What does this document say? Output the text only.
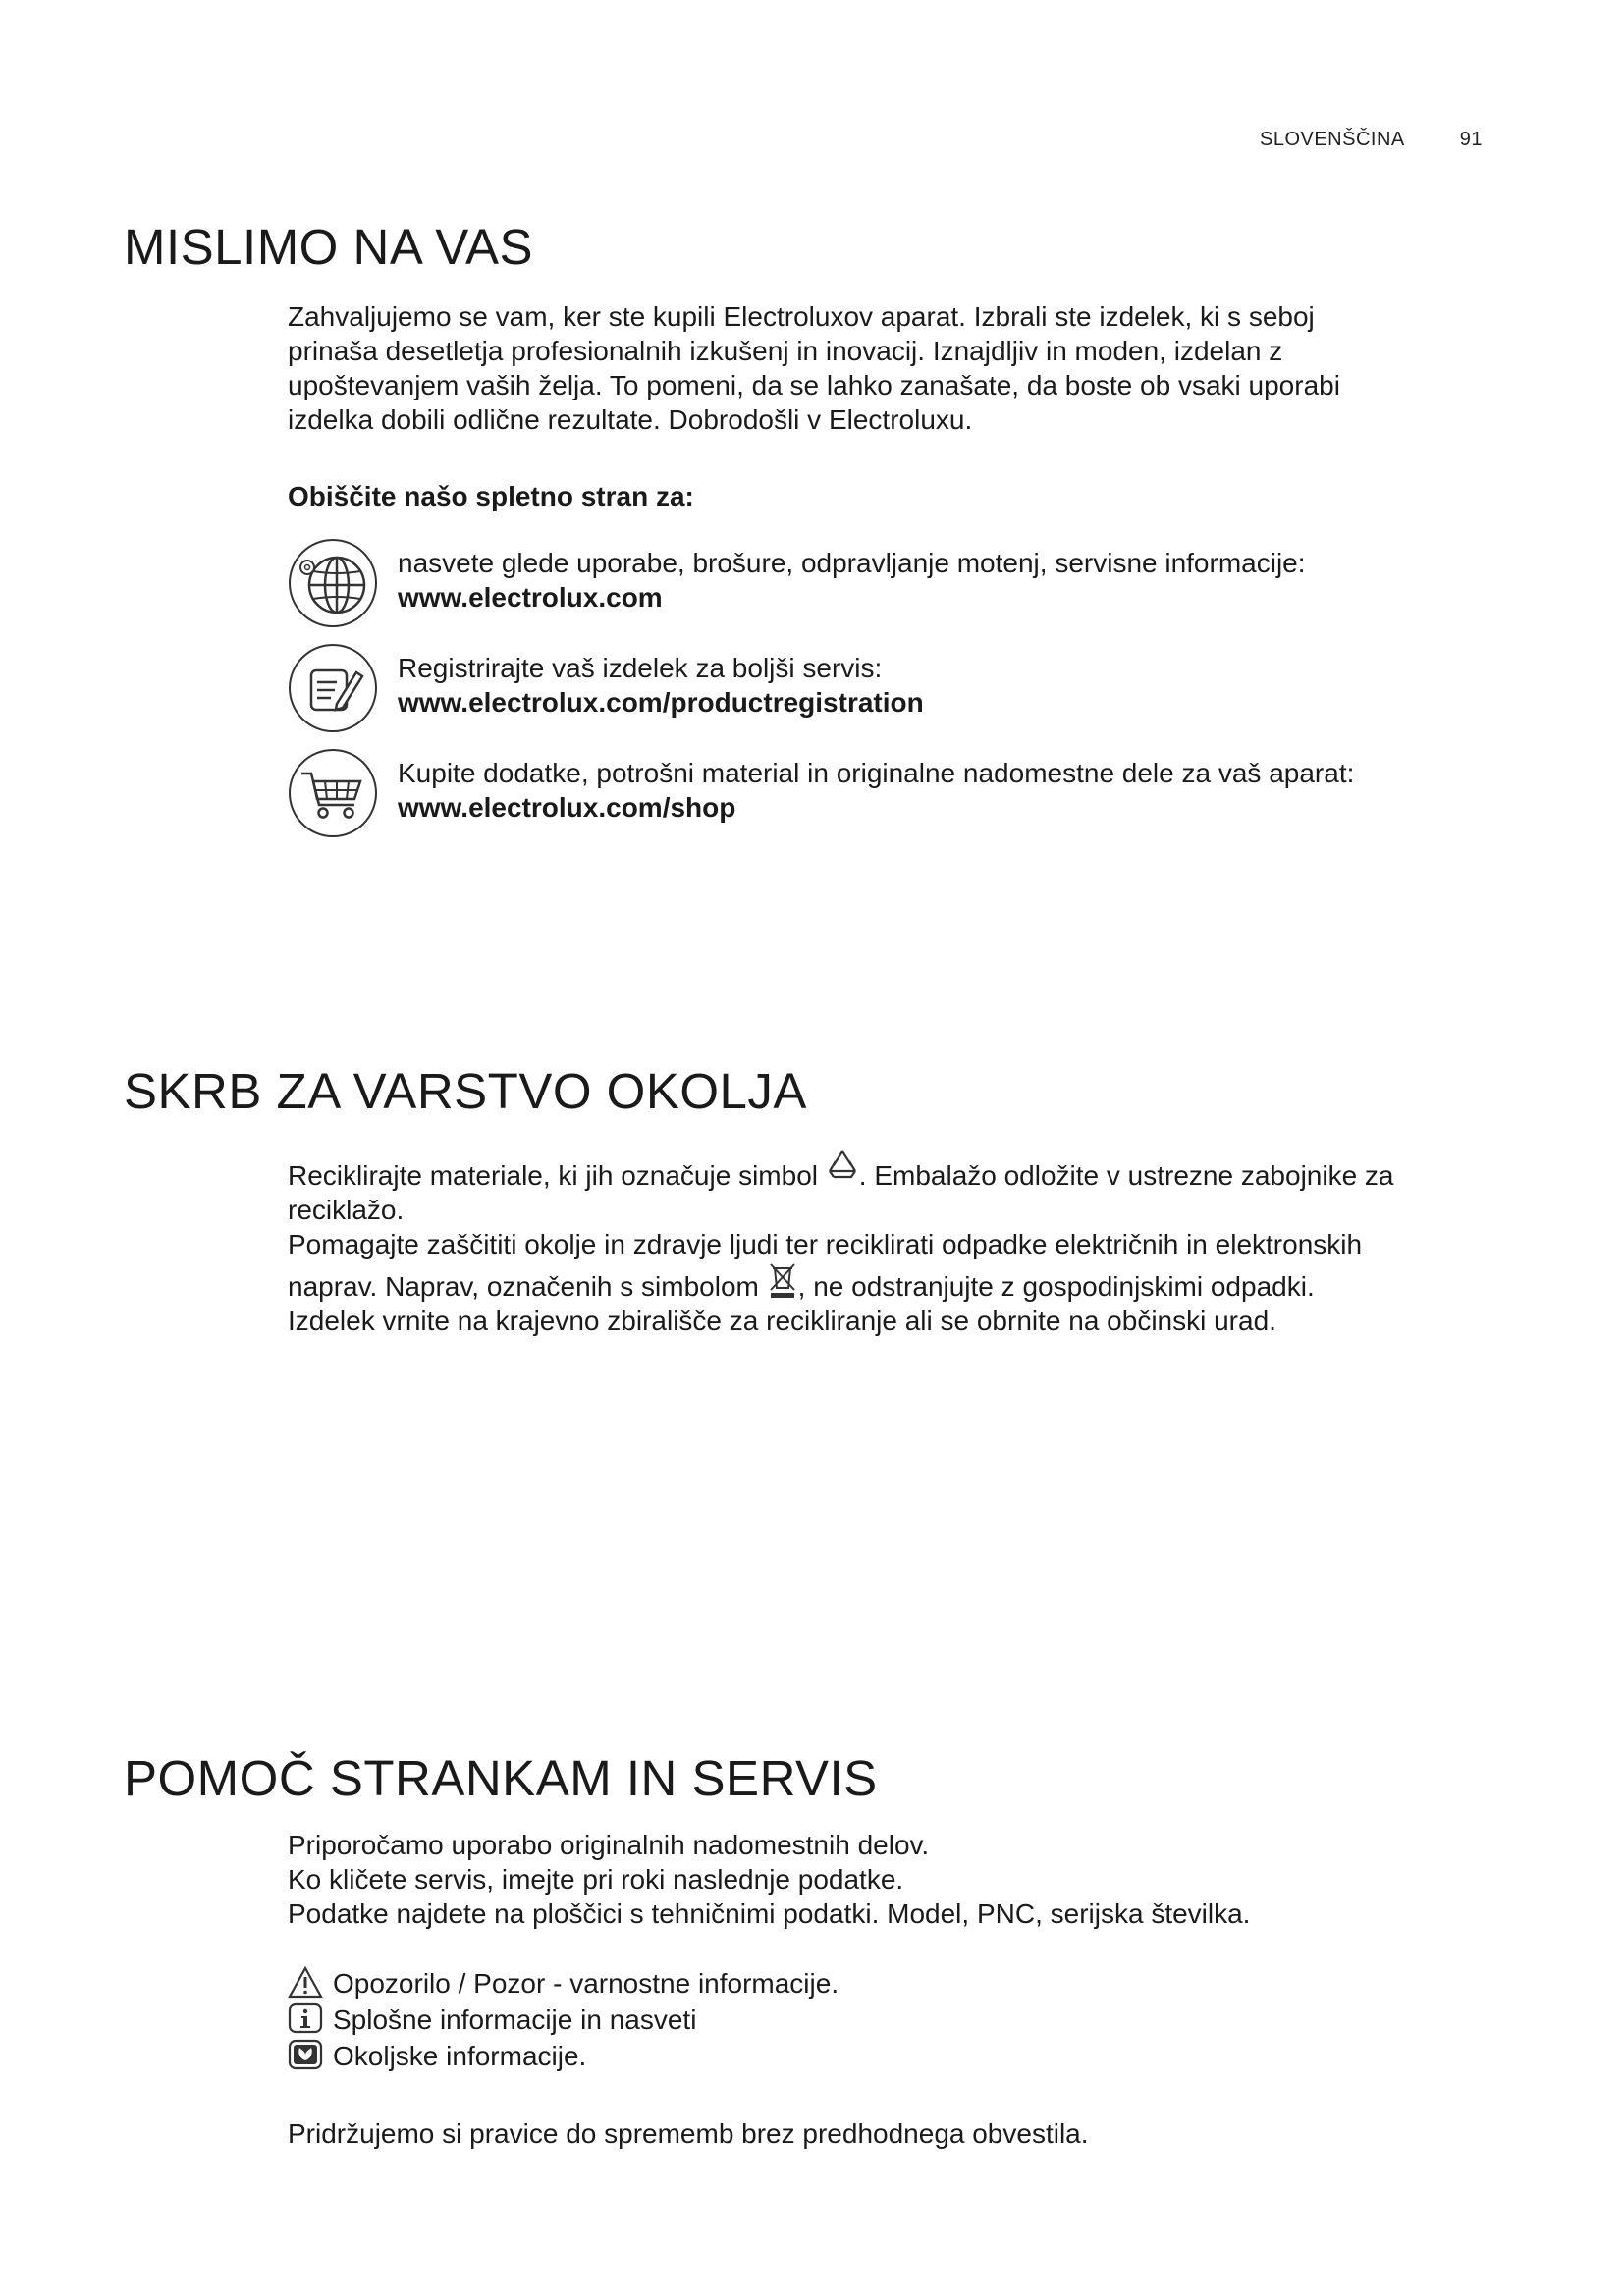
SLOVENŠČINA	91
MISLIMO NA VAS
Zahvaljujemo se vam, ker ste kupili Electroluxov aparat. Izbrali ste izdelek, ki s seboj
prinaša desetletja profesionalnih izkušenj in inovacij. Iznajdljiv in moden, izdelan z
upoštevanjem vaših želja. To pomeni, da se lahko zanašate, da boste ob vsaki uporabi
izdelka dobili odlične rezultate. Dobrodošli v Electroluxu.
Obiščite našo spletno stran za:
nasvete glede uporabe, brošure, odpravljanje motenj, servisne informacije:
www.electrolux.com
Registrirajte vaš izdelek za boljši servis:
www.electrolux.com/productregistration
Kupite dodatke, potrošni material in originalne nadomestne dele za vaš aparat:
www.electrolux.com/shop
SKRB ZA VARSTVO OKOLJA
Reciklirajte materiale, ki jih označuje simbol . Embalažo odložite v ustrezne zabojnike za
reciklažo.
Pomagajte zaščititi okolje in zdravje ljudi ter reciklirati odpadke električnih in elektronskih
naprav. Naprav, označenih s simbolom , ne odstranjujte z gospodinjskimi odpadki.
Izdelek vrnite na krajevno zbirališče za recikliranje ali se obrnite na občinski urad.
POMOČ STRANKAM IN SERVIS
Priporočamo uporabo originalnih nadomestnih delov.
Ko kličete servis, imejte pri roki naslednje podatke.
Podatke najdete na ploščici s tehničnimi podatki. Model, PNC, serijska številka.
Opozorilo / Pozor - varnostne informacije.
Splošne informacije in nasveti
Okoljske informacije.
Pridržujemo si pravice do sprememb brez predhodnega obvestila.
